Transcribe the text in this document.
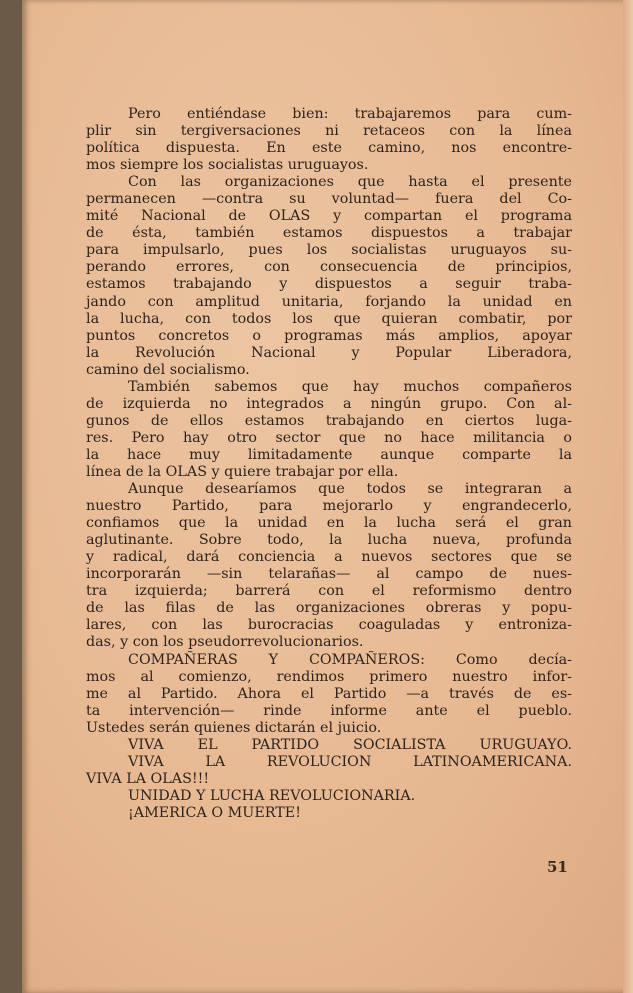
Pero entiéndase bien: trabajaremos para cum-
plir sin tergiversaciones ni retaceos con la línea
política dispuesta. En este camino, nos encontre-
mos siempre los socialistas uruguayos.
Con las organizaciones que hasta el presente
permanecen —contra su voluntad— fuera del Co-
mité Nacional de OLAS y compartan el programa
de ésta, también estamos dispuestos a trabajar
para impulsarlo, pues los socialistas uruguayos su-
perando errores, con consecuencia de principios,
estamos trabajando y dispuestos a seguir traba-
jando con amplitud unitaria, forjando la unidad en
la lucha, con todos los que quieran combatir, por
puntos concretos o programas más amplios, apoyar
la Revolución Nacional y Popular Liberadora,
camino del socialismo.
También sabemos que hay muchos compañeros
de izquierda no integrados a ningún grupo. Con al-
gunos de ellos estamos trabajando en ciertos luga-
res. Pero hay otro sector que no hace militancia o
la hace muy limitadamente aunque comparte la
línea de la OLAS y quiere trabajar por ella.
Aunque desearíamos que todos se integraran a
nuestro Partido, para mejorarlo y engrandecerlo,
confiamos que la unidad en la lucha será el gran
aglutinante. Sobre todo, la lucha nueva, profunda
y radical, dará conciencia a nuevos sectores que se
incorporarán —sin telarañas— al campo de nues-
tra izquierda; barrerá con el reformismo dentro
de las filas de las organizaciones obreras y popu-
lares, con las burocracias coaguladas y entroniza-
das, y con los pseudorrevolucionarios.
COMPAÑERAS Y COMPAÑEROS: Como decía-
mos al comienzo, rendimos primero nuestro infor-
me al Partido. Ahora el Partido —a través de es-
ta intervención— rinde informe ante el pueblo.
Ustedes serán quienes dictarán el juicio.
VIVA EL PARTIDO SOCIALISTA URUGUAYO.
VIVA LA REVOLUCION LATINOAMERICANA.
VIVA LA OLAS!!!
UNIDAD Y LUCHA REVOLUCIONARIA.
¡AMERICA O MUERTE!
51
